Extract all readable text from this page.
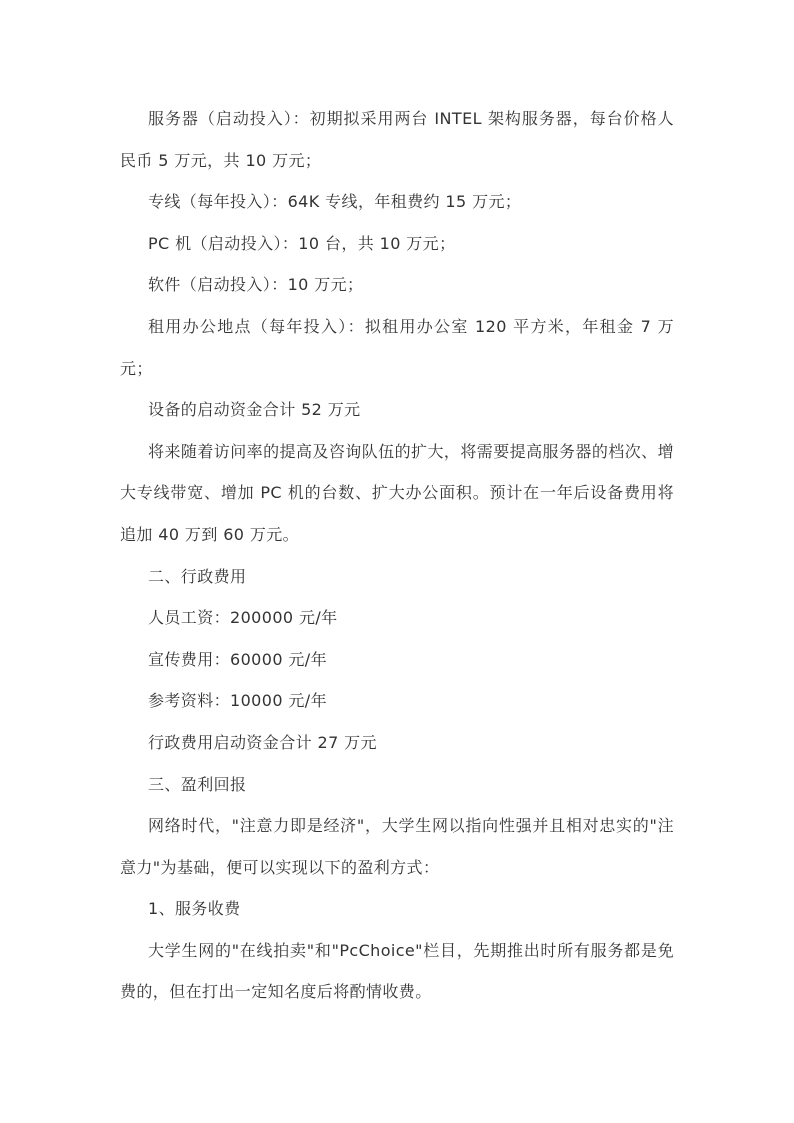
服务器（启动投入）：初期拟采用两台 INTEL 架构服务器，每台价格人民币 5 万元，共 10 万元；

专线（每年投入）：64K 专线，年租费约 15 万元；

PC 机（启动投入）：10 台，共 10 万元；

软件（启动投入）：10 万元；

租用办公地点（每年投入）：拟租用办公室 120 平方米，年租金 7 万元；

设备的启动资金合计 52 万元

将来随着访问率的提高及咨询队伍的扩大，将需要提高服务器的档次、增大专线带宽、增加 PC 机的台数、扩大办公面积。预计在一年后设备费用将追加 40 万到 60 万元。

二、行政费用

人员工资：200000 元/年

宣传费用：60000 元/年

参考资料：10000 元/年

行政费用启动资金合计 27 万元

三、盈利回报

网络时代，"注意力即是经济"，大学生网以指向性强并且相对忠实的"注意力"为基础，便可以实现以下的盈利方式：

1、服务收费

大学生网的"在线拍卖"和"PcChoice"栏目，先期推出时所有服务都是免费的，但在打出一定知名度后将酌情收费。
